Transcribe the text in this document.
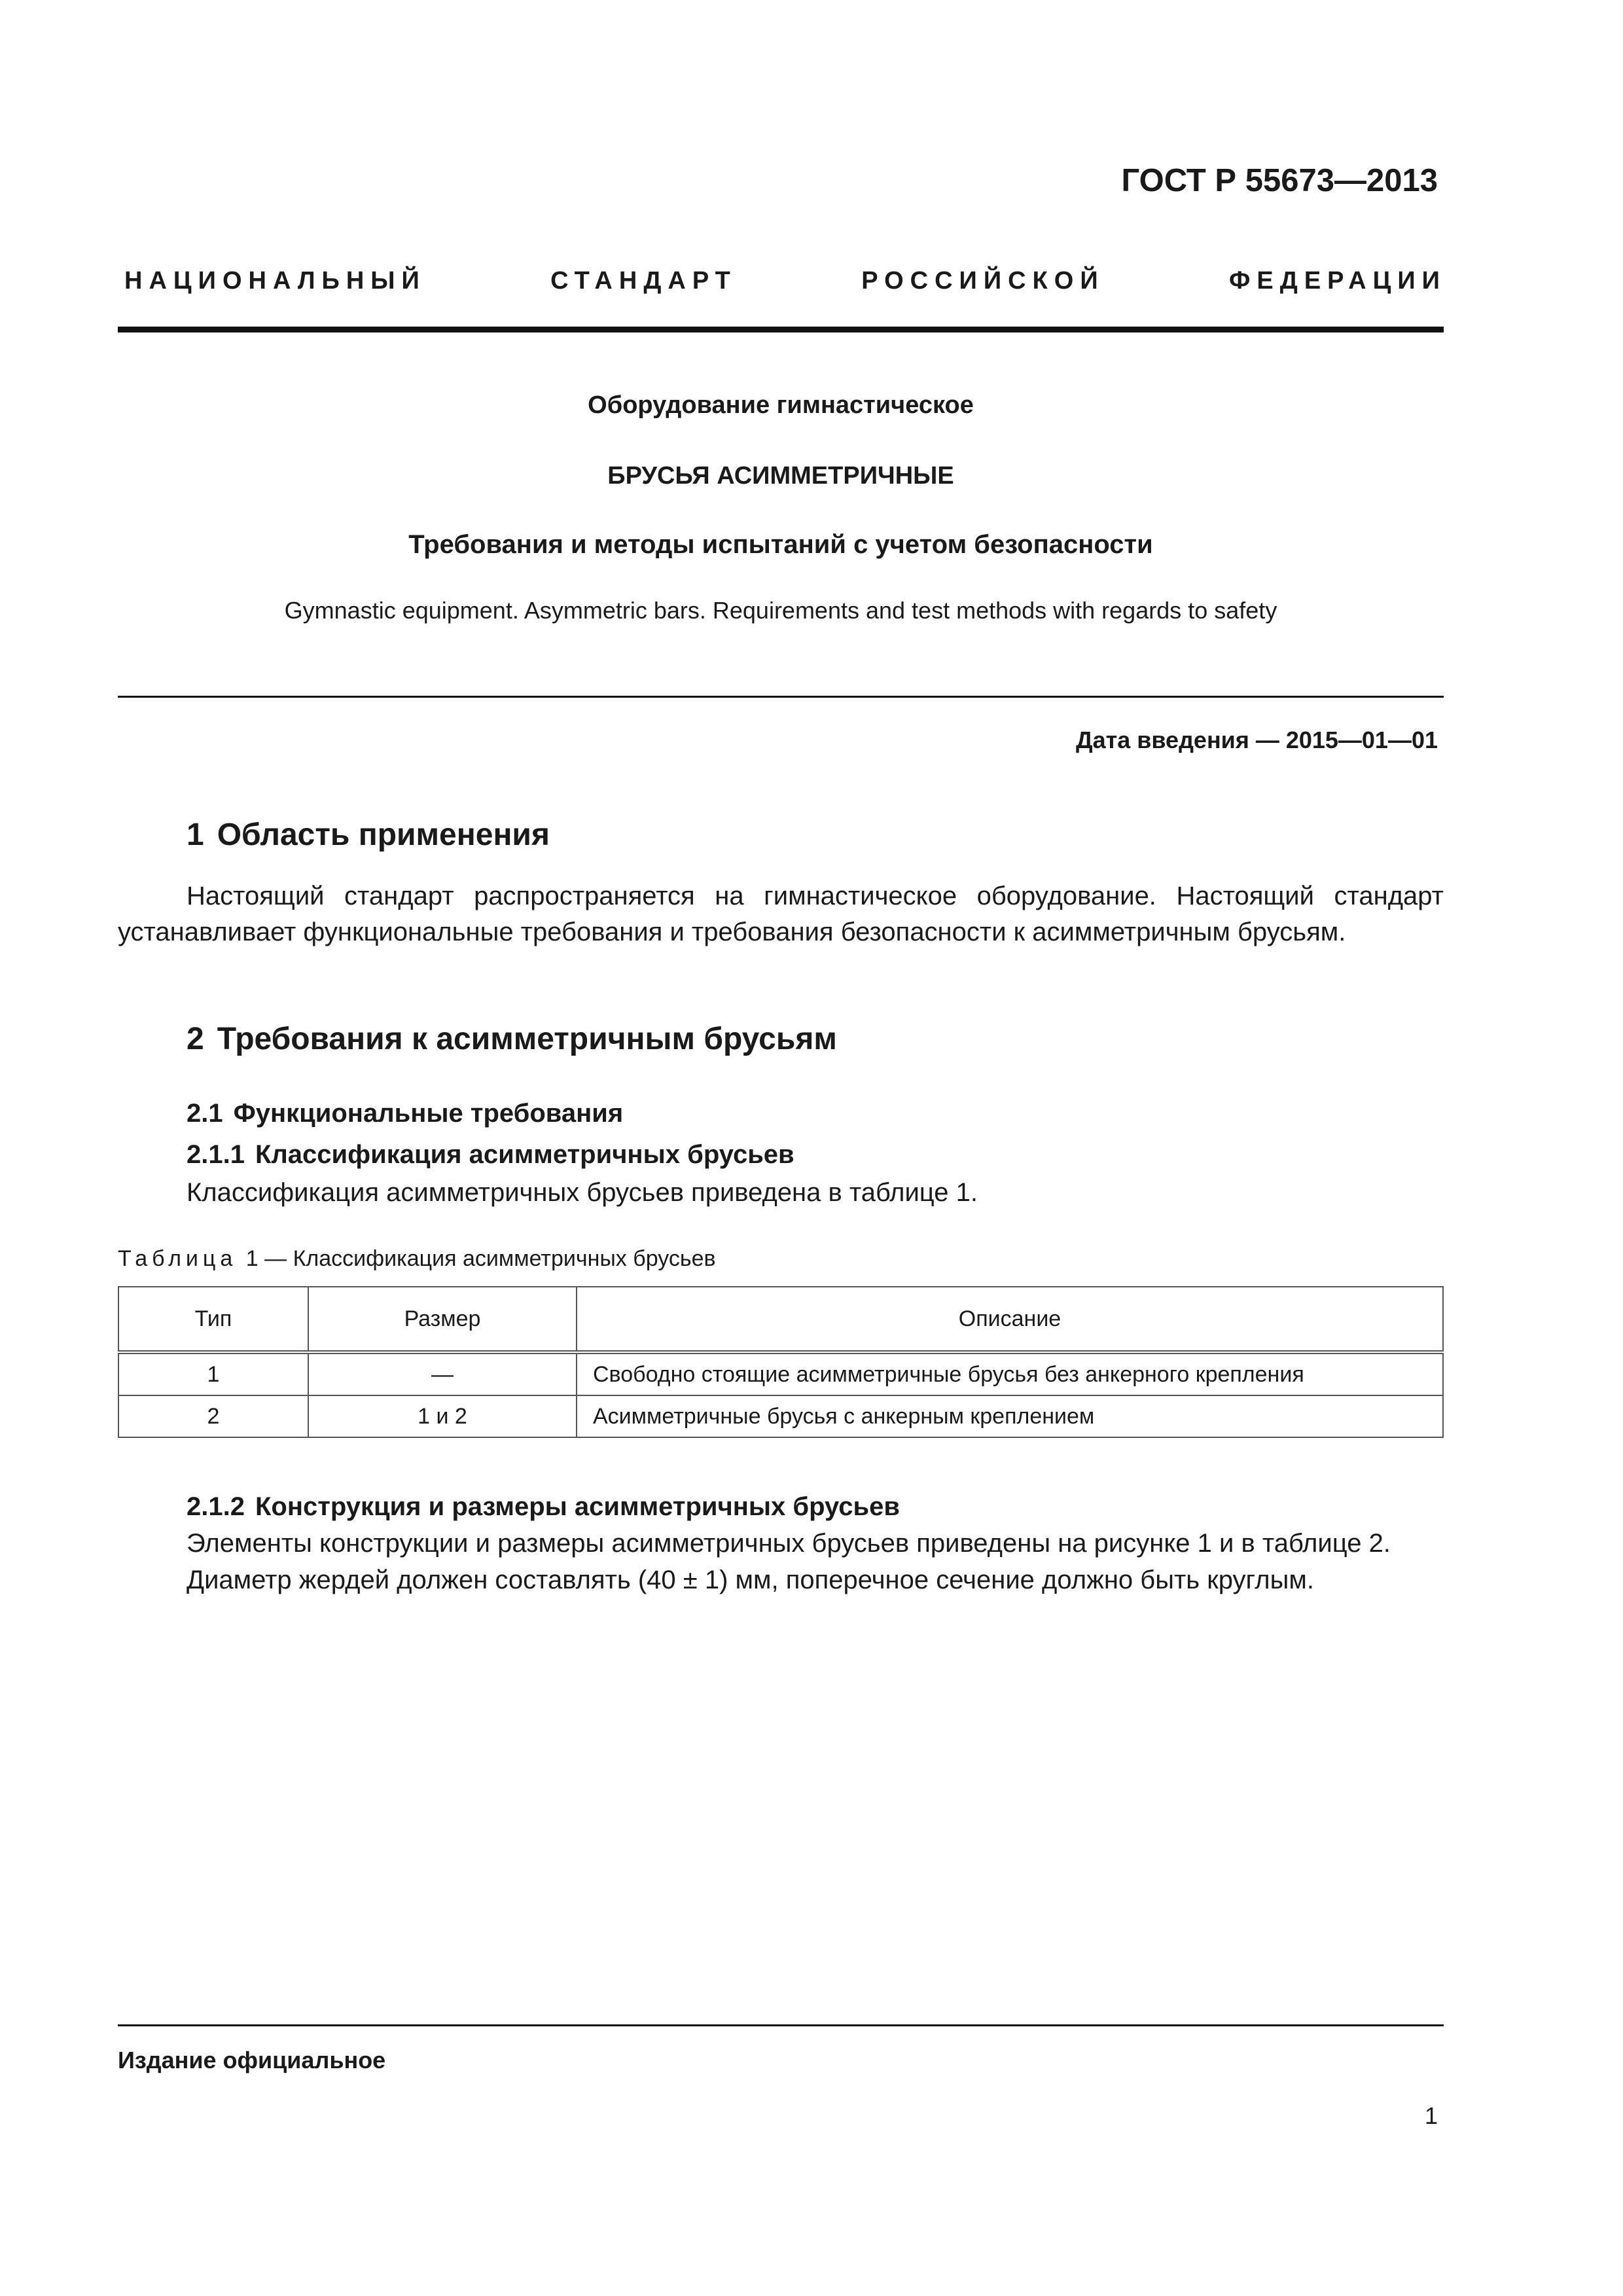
ГОСТ Р 55673—2013
НАЦИОНАЛЬНЫЙ СТАНДАРТ РОССИЙСКОЙ ФЕДЕРАЦИИ
Оборудование гимнастическое
БРУСЬЯ АСИММЕТРИЧНЫЕ
Требования и методы испытаний с учетом безопасности
Gymnastic equipment. Asymmetric bars. Requirements and test methods with regards to safety
Дата введения — 2015—01—01
1 Область применения
Настоящий стандарт распространяется на гимнастическое оборудование. Настоящий стандарт устанавливает функциональные требования и требования безопасности к асимметричным брусьям.
2 Требования к асимметричным брусьям
2.1 Функциональные требования
2.1.1 Классификация асимметричных брусьев
Классификация асимметричных брусьев приведена в таблице 1.
Таблица 1 — Классификация асимметричных брусьев
Тип	Размер	Описание
1	—	Свободно стоящие асимметричные брусья без анкерного крепления
2	1 и 2	Асимметричные брусья с анкерным креплением
2.1.2 Конструкция и размеры асимметричных брусьев
Элементы конструкции и размеры асимметричных брусьев приведены на рисунке 1 и в таблице 2.
Диаметр жердей должен составлять (40 ± 1) мм, поперечное сечение должно быть круглым.
Издание официальное
1
